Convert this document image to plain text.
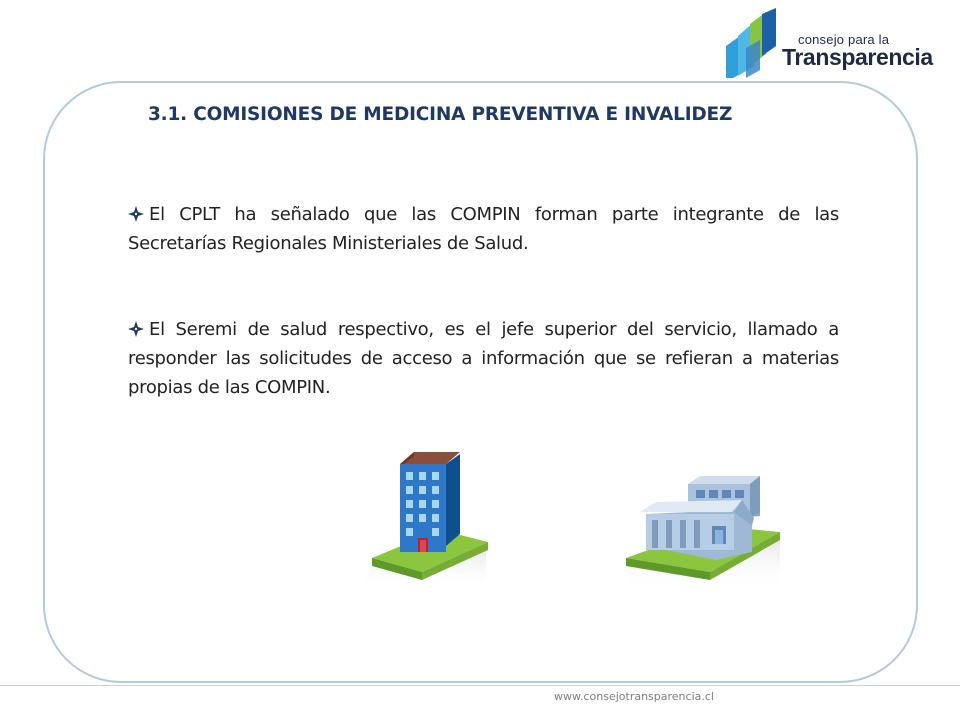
consejo para la
Transparencia
3.1. COMISIONES DE MEDICINA PREVENTIVA E INVALIDEZ
El CPLT ha señalado que las COMPIN forman parte integrante de las Secretarías Regionales Ministeriales de Salud.
El Seremi de salud respectivo, es el jefe superior del servicio, llamado a responder las solicitudes de acceso a información que se refieran a materias propias de las COMPIN.
www.consejotransparencia.cl
